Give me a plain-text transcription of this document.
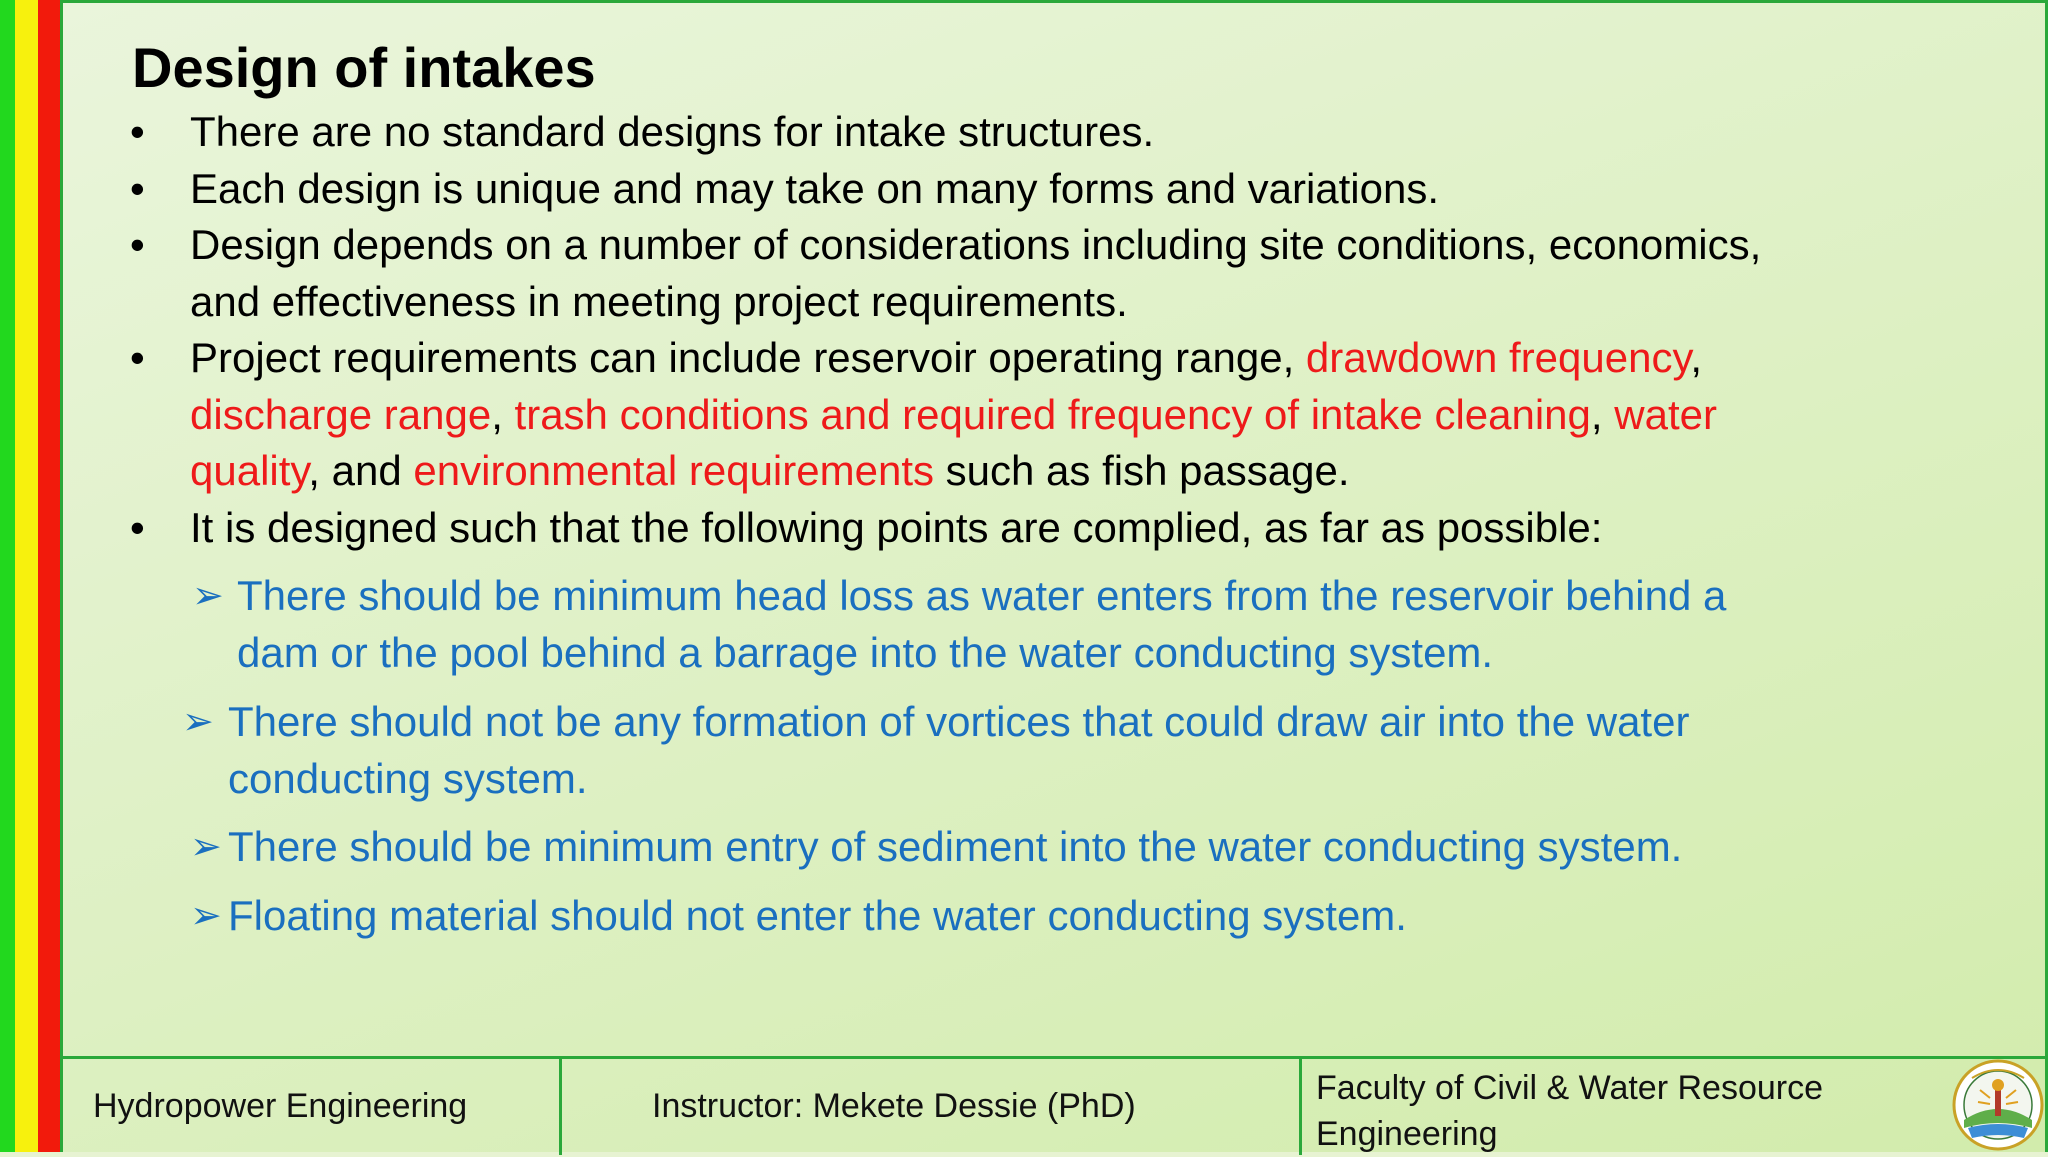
Design of intakes
•	There are no standard designs for intake structures.
•	Each design is unique and may take on many forms and variations.
•	Design depends on a number of considerations including site conditions, economics,
and effectiveness in meeting project requirements.
•	Project requirements can include reservoir operating range, drawdown frequency,
discharge range, trash conditions and required frequency of intake cleaning, water
quality, and environmental requirements such as fish passage.
•	It is designed such that the following points are complied, as far as possible:
➢ There should be minimum head loss as water enters from the reservoir behind a
dam or the pool behind a barrage into the water conducting system.
➢ There should not be any formation of vortices that could draw air into the water
conducting system.
➢ There should be minimum entry of sediment into the water conducting system.
➢ Floating material should not enter the water conducting system.
Hydropower Engineering	Instructor: Mekete Dessie (PhD)	Faculty of Civil & Water Resource Engineering
